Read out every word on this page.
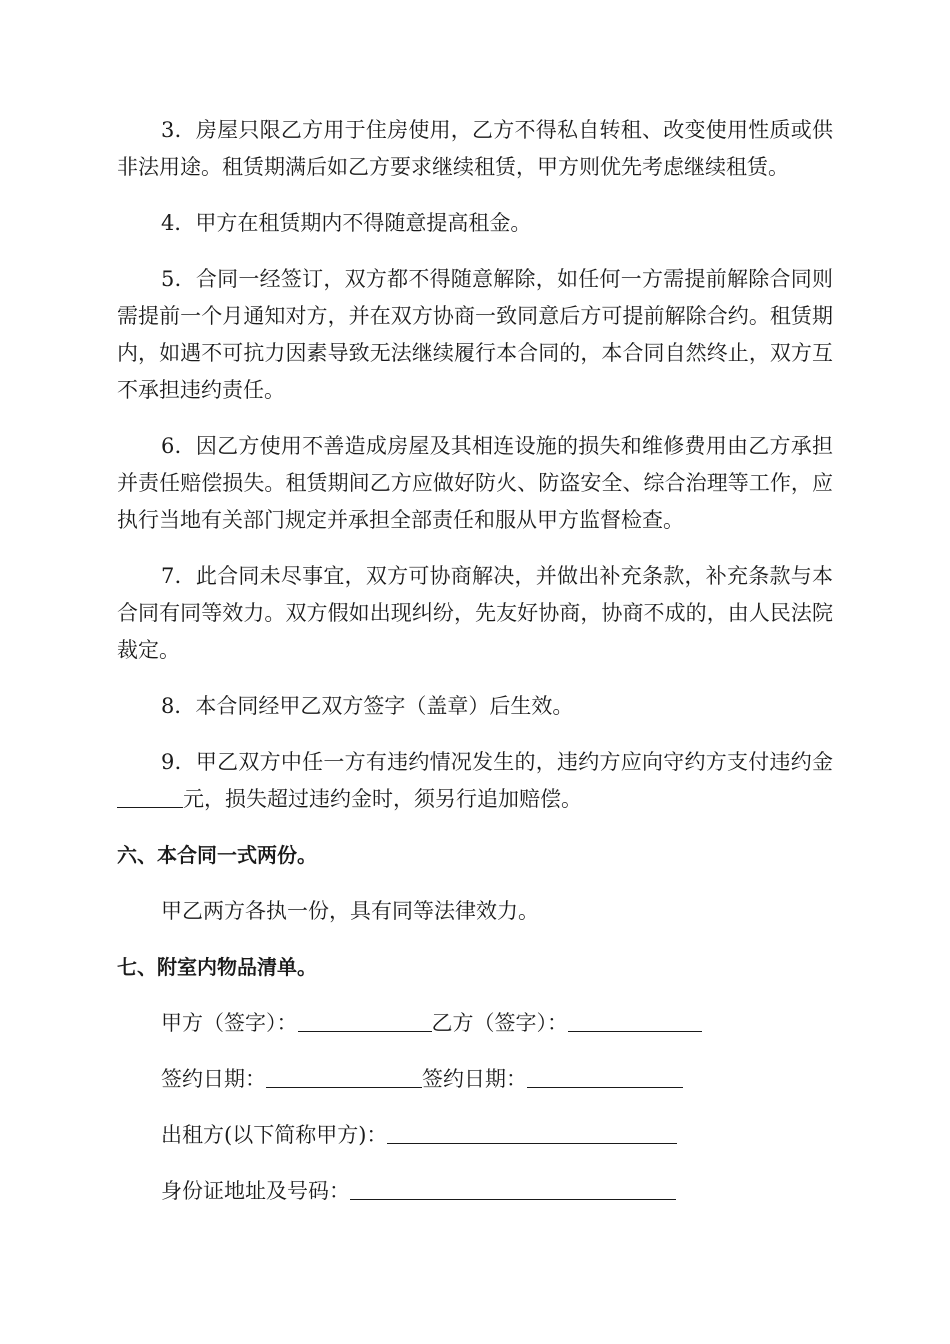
3．房屋只限乙方用于住房使用，乙方不得私自转租、改变使用性质或供非法用途。租赁期满后如乙方要求继续租赁，甲方则优先考虑继续租赁。

4．甲方在租赁期内不得随意提高租金。

5．合同一经签订，双方都不得随意解除，如任何一方需提前解除合同则需提前一个月通知对方，并在双方协商一致同意后方可提前解除合约。租赁期内，如遇不可抗力因素导致无法继续履行本合同的，本合同自然终止，双方互不承担违约责任。

6．因乙方使用不善造成房屋及其相连设施的损失和维修费用由乙方承担并责任赔偿损失。租赁期间乙方应做好防火、防盗安全、综合治理等工作，应执行当地有关部门规定并承担全部责任和服从甲方监督检查。

7．此合同未尽事宜，双方可协商解决，并做出补充条款，补充条款与本合同有同等效力。双方假如出现纠纷，先友好协商，协商不成的，由人民法院裁定。

8．本合同经甲乙双方签字（盖章）后生效。

9．甲乙双方中任一方有违约情况发生的，违约方应向守约方支付违约金元，损失超过违约金时，须另行追加赔偿。

六、本合同一式两份。

甲乙两方各执一份，具有同等法律效力。

七、附室内物品清单。
甲方（签字）：	乙方（签字）：
签约日期：	签约日期：
出租方(以下简称甲方)：
身份证地址及号码：
